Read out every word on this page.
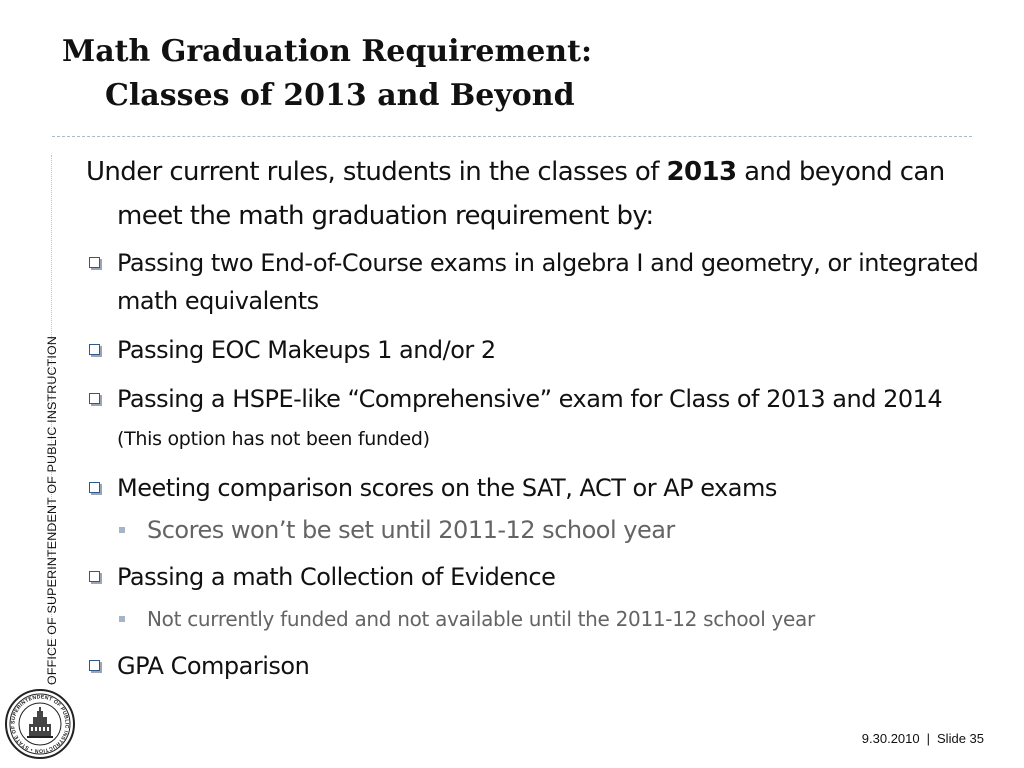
Math Graduation Requirement:
Classes of 2013 and Beyond
OFFICE OF SUPERINTENDENT OF PUBLIC INSTRUCTION

Under current rules, students in the classes of 2013 and beyond can meet the math graduation requirement by:

Passing two End-of-Course exams in algebra I and geometry, or integrated math equivalents
Passing EOC Makeups 1 and/or 2
Passing a HSPE-like “Comprehensive” exam for Class of 2013 and 2014 (This option has not been funded)
Meeting comparison scores on the SAT, ACT or AP exams
Scores won’t be set until 2011-12 school year
Passing a math Collection of Evidence
Not currently funded and not available until the 2011-12 school year
GPA Comparison
SUPERINTENDENT OF PUBLIC INSTRUCTION • STATE OF
9.30.2010 | Slide 35
